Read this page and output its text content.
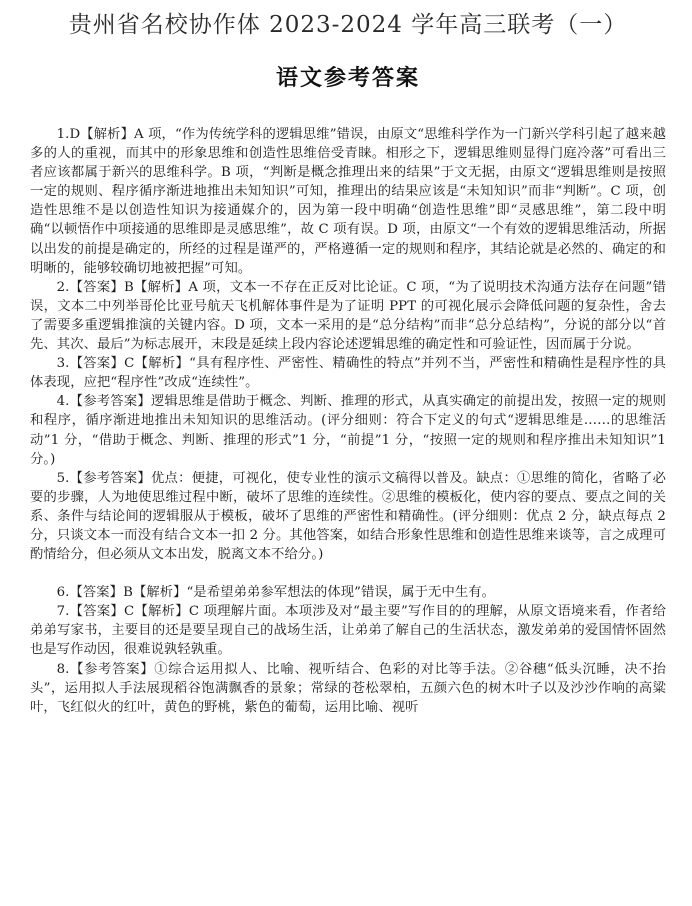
贵州省名校协作体 2023-2024 学年高三联考（一）
语文参考答案

1.D【解析】A 项，“作为传统学科的逻辑思维”错误，由原文“思维科学作为一门新兴学科引起了越来越多的人的重视，而其中的形象思维和创造性思维倍受青睐。相形之下，逻辑思维则显得门庭冷落”可看出三者应该都属于新兴的思维科学。B 项，“判断是概念推理出来的结果”于文无据，由原文“逻辑思维则是按照一定的规则、程序循序渐进地推出未知知识”可知，推理出的结果应该是“未知知识”而非“判断”。C 项，创造性思维不是以创造性知识为接通媒介的，因为第一段中明确“创造性思维”即“灵感思维”，第二段中明确“以顿悟作中项接通的思维即是灵感思维”，故 C 项有误。D 项，由原文“一个有效的逻辑思维活动，所据以出发的前提是确定的，所经的过程是谨严的，严格遵循一定的规则和程序，其结论就是必然的、确定的和明晰的，能够较确切地被把握”可知。

2.【答案】B【解析】A 项，文本一不存在正反对比论证。C 项，“为了说明技术沟通方法存在问题”错误，文本二中列举哥伦比亚号航天飞机解体事件是为了证明 PPT 的可视化展示会降低问题的复杂性，舍去了需要多重逻辑推演的关键内容。D 项，文本一采用的是“总分结构”而非“总分总结构”，分说的部分以“首先、其次、最后”为标志展开，末段是延续上段内容论述逻辑思维的确定性和可验证性，因而属于分说。

3.【答案】C【解析】“具有程序性、严密性、精确性的特点”并列不当，严密性和精确性是程序性的具体表现，应把“程序性”改成“连续性”。

4.【参考答案】逻辑思维是借助于概念、判断、推理的形式，从真实确定的前提出发，按照一定的规则和程序，循序渐进地推出未知知识的思维活动。(评分细则：符合下定义的句式“逻辑思维是……的思维活动”1 分，“借助于概念、判断、推理的形式”1 分，“前提”1 分，“按照一定的规则和程序推出未知知识”1 分。)

5.【参考答案】优点：便捷，可视化，使专业性的演示文稿得以普及。缺点：①思维的简化，省略了必要的步骤，人为地使思维过程中断，破坏了思维的连续性。②思维的模板化，使内容的要点、要点之间的关系、条件与结论间的逻辑服从于模板，破坏了思维的严密性和精确性。(评分细则：优点 2 分，缺点每点 2 分，只谈文本一而没有结合文本一扣 2 分。其他答案，如结合形象性思维和创造性思维来谈等，言之成理可酌情给分，但必须从文本出发，脱离文本不给分。)

6.【答案】B【解析】“是希望弟弟参军想法的体现”错误，属于无中生有。

7.【答案】C【解析】C 项理解片面。本项涉及对“最主要”写作目的的理解，从原文语境来看，作者给弟弟写家书，主要目的还是要呈现自己的战场生活，让弟弟了解自己的生活状态，激发弟弟的爱国情怀固然也是写作动因，很难说孰轻孰重。

8.【参考答案】①综合运用拟人、比喻、视听结合、色彩的对比等手法。②谷穗“低头沉睡，决不抬头”，运用拟人手法展现稻谷饱满飘香的景象；常绿的苍松翠柏，五颜六色的树木叶子以及沙沙作响的高粱叶，飞红似火的红叶，黄色的野桃，紫色的葡萄，运用比喻、视听
